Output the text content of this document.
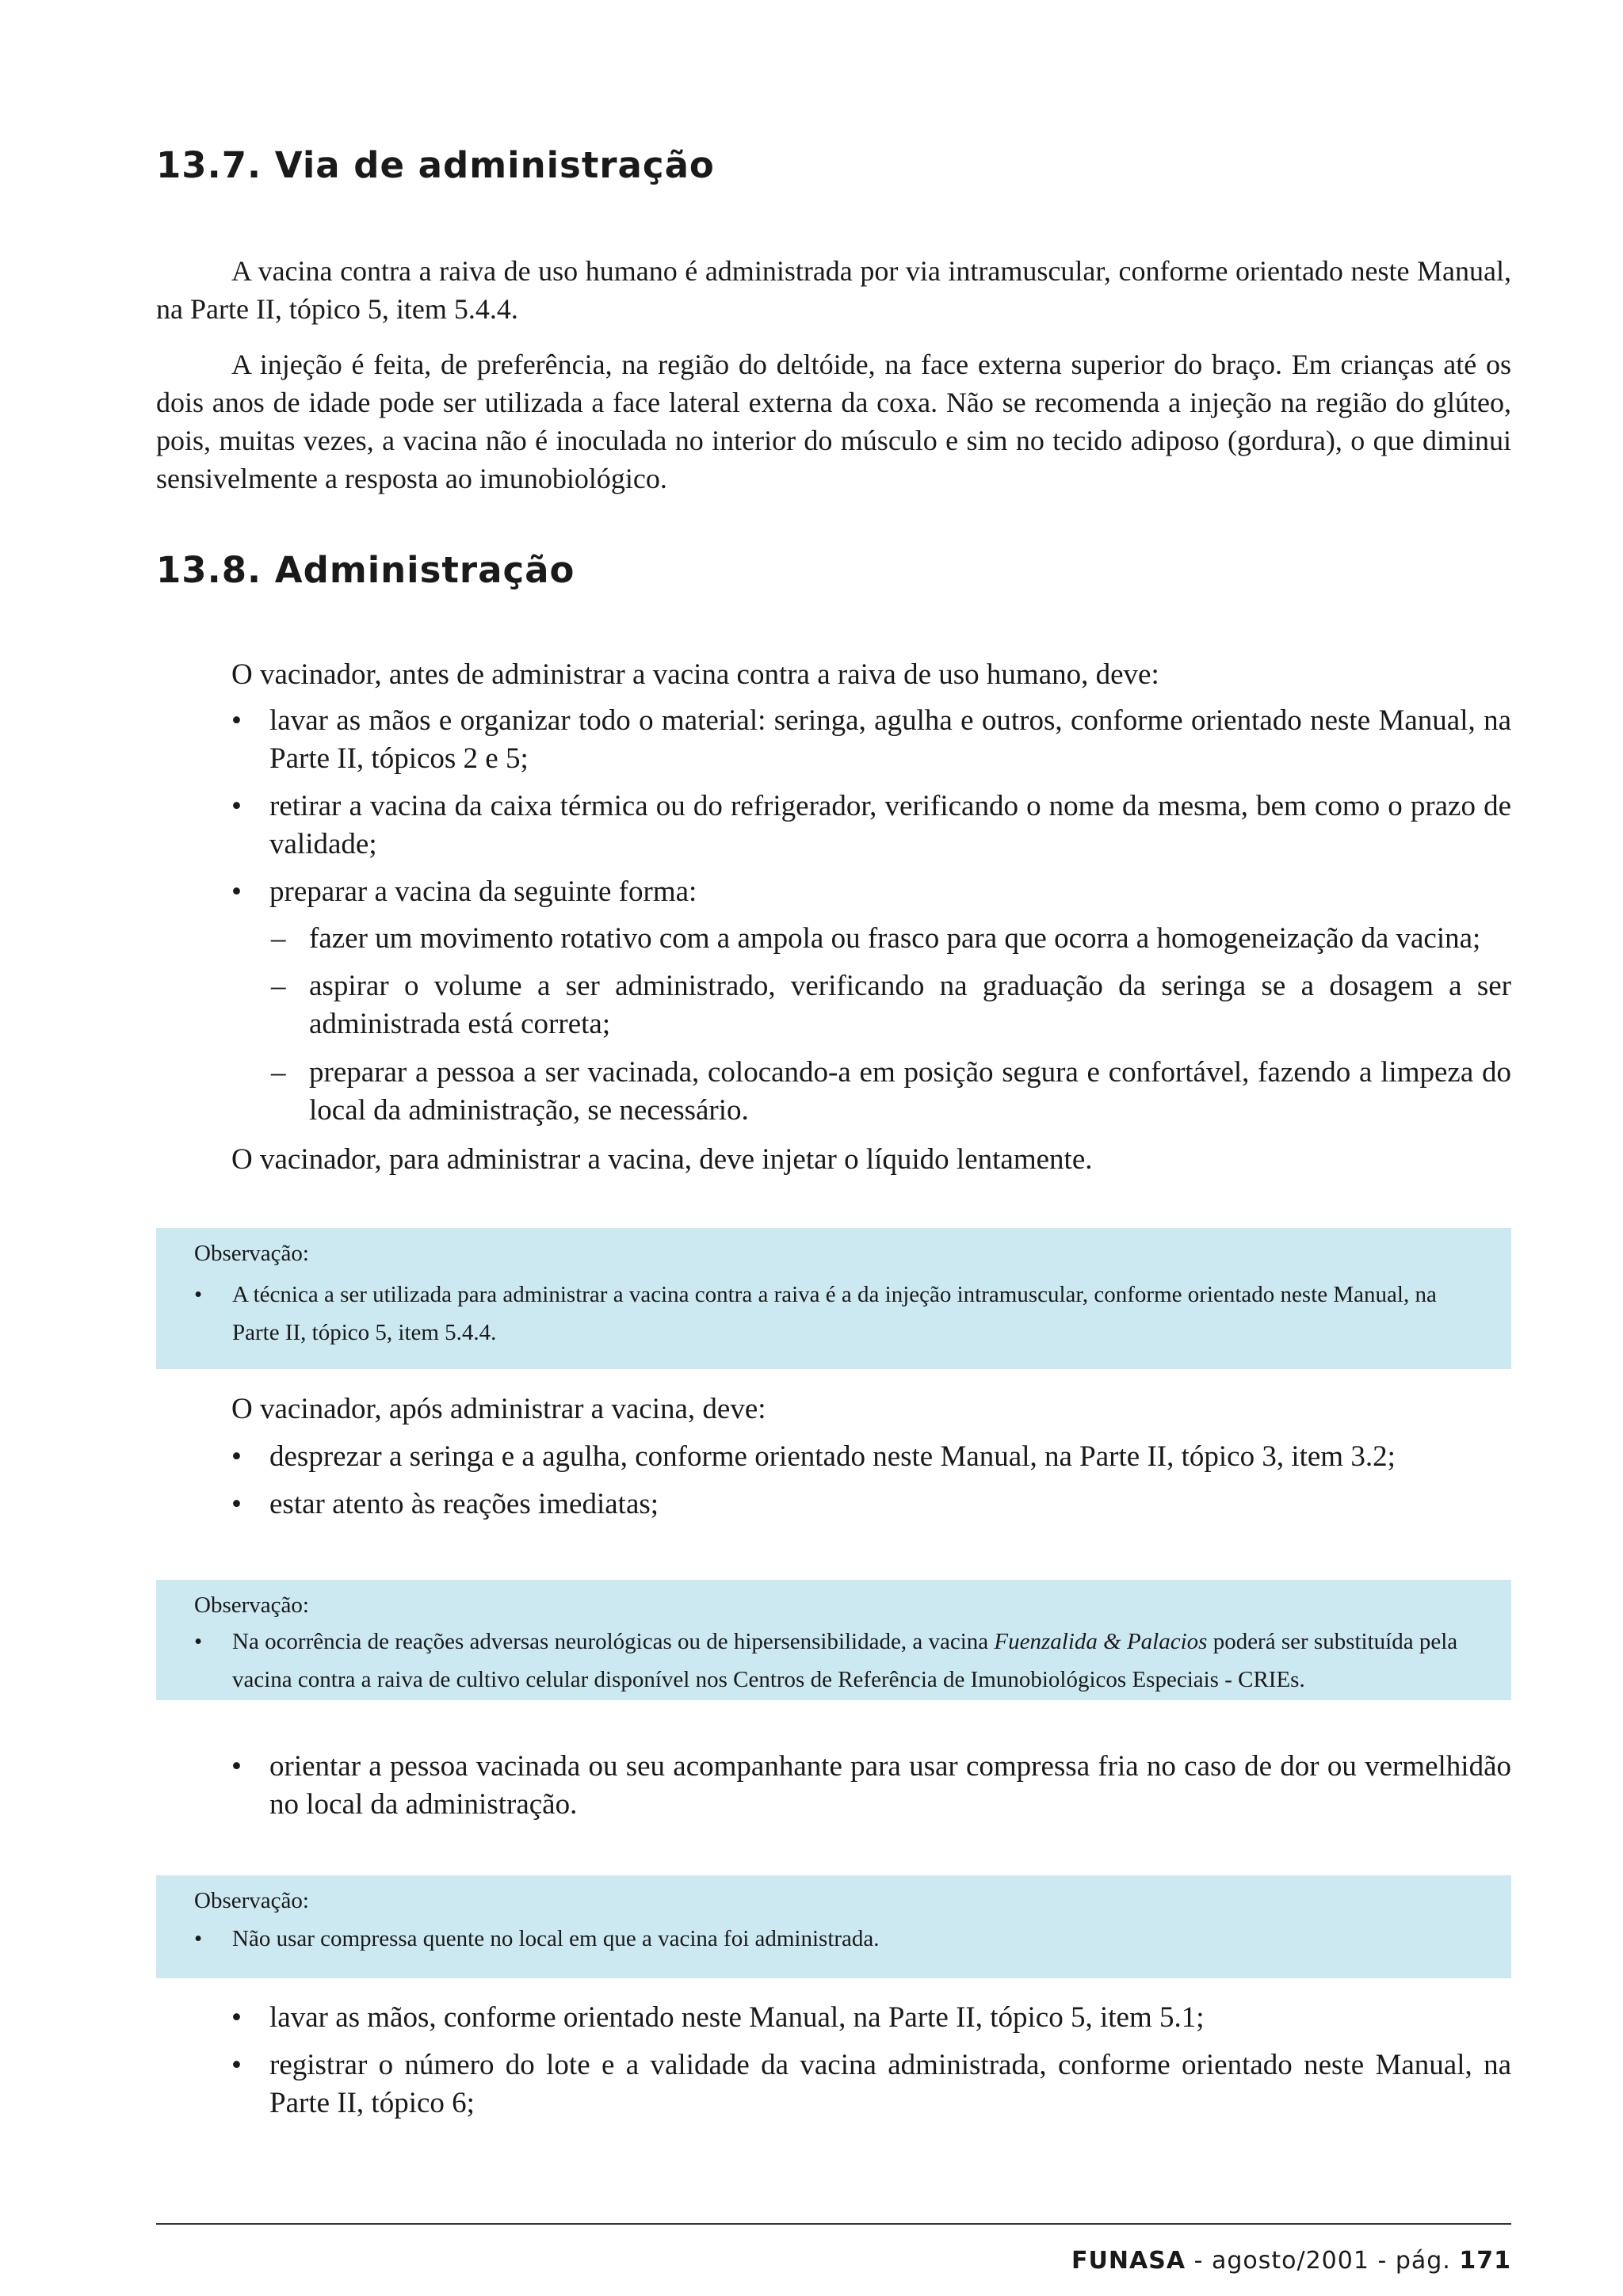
13.7. Via de administração

A vacina contra a raiva de uso humano é administrada por via intramuscular, conforme orientado neste Manual, na Parte II, tópico 5, item 5.4.4.

A injeção é feita, de preferência, na região do deltóide, na face externa superior do braço. Em crianças até os dois anos de idade pode ser utilizada a face lateral externa da coxa. Não se recomenda a injeção na região do glúteo, pois, muitas vezes, a vacina não é inoculada no interior do músculo e sim no tecido adiposo (gordura), o que diminui sensivelmente a resposta ao imunobiológico.

13.8. Administração

O vacinador, antes de administrar a vacina contra a raiva de uso humano, deve:

• lavar as mãos e organizar todo o material: seringa, agulha e outros, conforme orientado neste Manual, na Parte II, tópicos 2 e 5;
• retirar a vacina da caixa térmica ou do refrigerador, verificando o nome da mesma, bem como o prazo de validade;
• preparar a vacina da seguinte forma:
– fazer um movimento rotativo com a ampola ou frasco para que ocorra a homogeneização da vacina;
– aspirar o volume a ser administrado, verificando na graduação da seringa se a dosagem a ser administrada está correta;
– preparar a pessoa a ser vacinada, colocando-a em posição segura e confortável, fazendo a limpeza do local da administração, se necessário.

O vacinador, para administrar a vacina, deve injetar o líquido lentamente.

Observação:
• A técnica a ser utilizada para administrar a vacina contra a raiva é a da injeção intramuscular, conforme orientado neste Manual, na Parte II, tópico 5, item 5.4.4.

O vacinador, após administrar a vacina, deve:

• desprezar a seringa e a agulha, conforme orientado neste Manual, na Parte II, tópico 3, item 3.2;
• estar atento às reações imediatas;
Observação:
• Na ocorrência de reações adversas neurológicas ou de hipersensibilidade, a vacina Fuenzalida & Palacios poderá ser substituída pela vacina contra a raiva de cultivo celular disponível nos Centros de Referência de Imunobiológicos Especiais - CRIEs.
• orientar a pessoa vacinada ou seu acompanhante para usar compressa fria no caso de dor ou vermelhidão no local da administração.
Observação:
• Não usar compressa quente no local em que a vacina foi administrada.
• lavar as mãos, conforme orientado neste Manual, na Parte II, tópico 5, item 5.1;
• registrar o número do lote e a validade da vacina administrada, conforme orientado neste Manual, na Parte II, tópico 6;
FUNASA - agosto/2001 - pág. 171
